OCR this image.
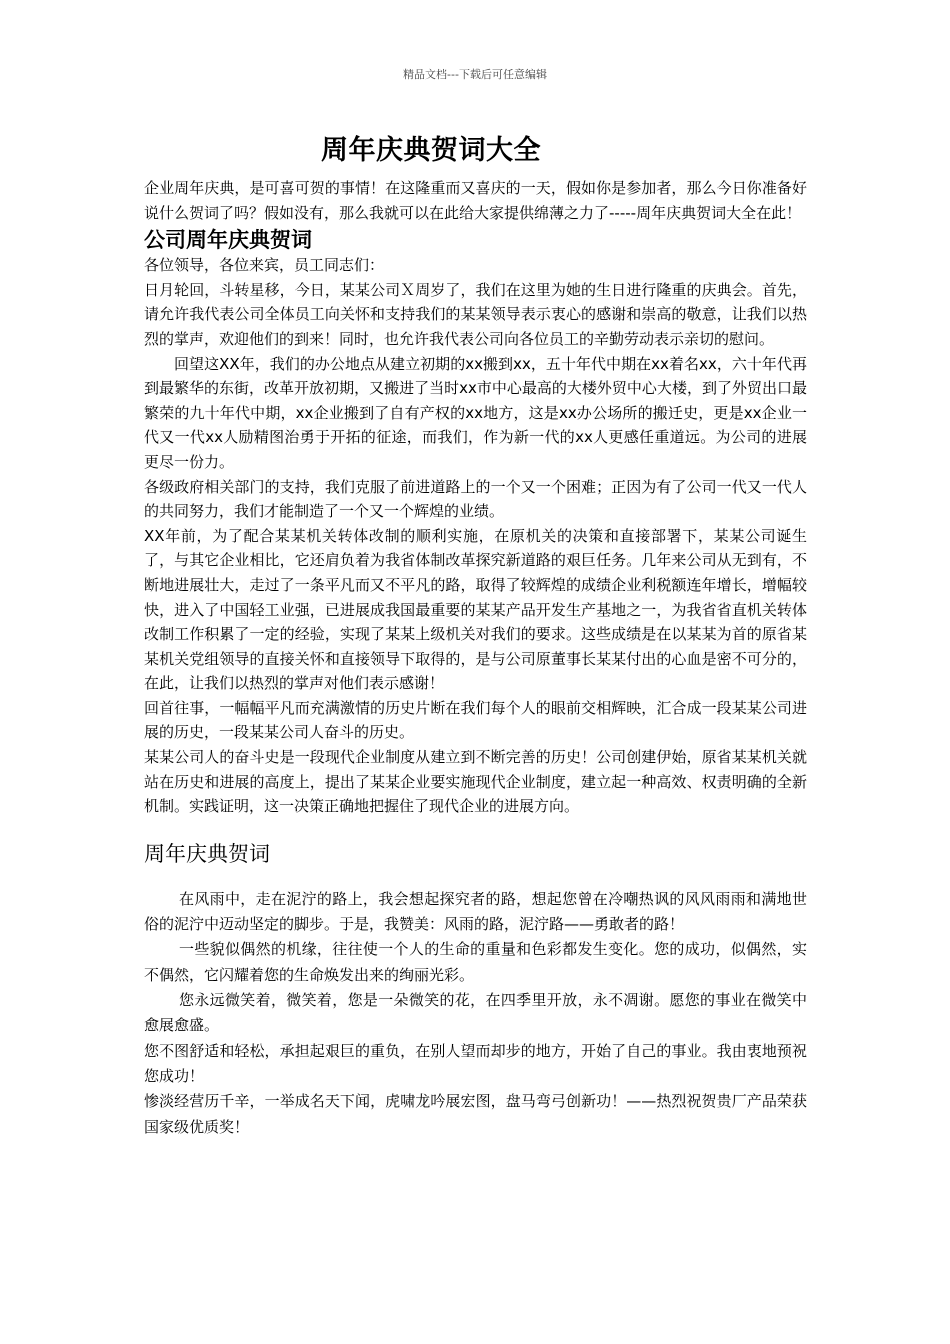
精品文档---下载后可任意编辑
周年庆典贺词大全

企业周年庆典，是可喜可贺的事情！在这隆重而又喜庆的一天，假如你是参加者，那么今日你准备好说什么贺词了吗？假如没有，那么我就可以在此给大家提供绵薄之力了-----周年庆典贺词大全在此！

公司周年庆典贺词

各位领导，各位来宾，员工同志们：

日月轮回，斗转星移，今日，某某公司Ｘ周岁了，我们在这里为她的生日进行隆重的庆典会。首先，请允许我代表公司全体员工向关怀和支持我们的某某领导表示衷心的感谢和崇高的敬意，让我们以热烈的掌声，欢迎他们的到来！同时，也允许我代表公司向各位员工的辛勤劳动表示亲切的慰问。

回望这XX年，我们的办公地点从建立初期的xx搬到xx，五十年代中期在xx着名xx，六十年代再到最繁华的东街，改革开放初期，又搬进了当时xx市中心最高的大楼外贸中心大楼，到了外贸出口最繁荣的九十年代中期，xx企业搬到了自有产权的xx地方，这是xx办公场所的搬迁史，更是xx企业一代又一代xx人励精图治勇于开拓的征途，而我们，作为新一代的xx人更感任重道远。为公司的进展更尽一份力。

各级政府相关部门的支持，我们克服了前进道路上的一个又一个困难；正因为有了公司一代又一代人的共同努力，我们才能制造了一个又一个辉煌的业绩。

XX年前，为了配合某某机关转体改制的顺利实施，在原机关的决策和直接部署下，某某公司诞生了，与其它企业相比，它还肩负着为我省体制改革探究新道路的艰巨任务。几年来公司从无到有，不断地进展壮大，走过了一条平凡而又不平凡的路，取得了较辉煌的成绩企业利税额连年增长，增幅较快，进入了中国轻工业强，已进展成我国最重要的某某产品开发生产基地之一，为我省省直机关转体改制工作积累了一定的经验，实现了某某上级机关对我们的要求。这些成绩是在以某某为首的原省某某机关党组领导的直接关怀和直接领导下取得的，是与公司原董事长某某付出的心血是密不可分的，在此，让我们以热烈的掌声对他们表示感谢！

回首往事，一幅幅平凡而充满激情的历史片断在我们每个人的眼前交相辉映，汇合成一段某某公司进展的历史，一段某某公司人奋斗的历史。

某某公司人的奋斗史是一段现代企业制度从建立到不断完善的历史！公司创建伊始，原省某某机关就站在历史和进展的高度上，提出了某某企业要实施现代企业制度，建立起一种高效、权责明确的全新机制。实践证明，这一决策正确地把握住了现代企业的进展方向。

周年庆典贺词

在风雨中，走在泥泞的路上，我会想起探究者的路，想起您曾在冷嘲热讽的风风雨雨和满地世俗的泥泞中迈动坚定的脚步。于是，我赞美：风雨的路，泥泞路——勇敢者的路！

一些貌似偶然的机缘，往往使一个人的生命的重量和色彩都发生变化。您的成功，似偶然，实不偶然，它闪耀着您的生命焕发出来的绚丽光彩。

您永远微笑着，微笑着，您是一朵微笑的花，在四季里开放，永不凋谢。愿您的事业在微笑中愈展愈盛。

您不图舒适和轻松，承担起艰巨的重负，在别人望而却步的地方，开始了自己的事业。我由衷地预祝您成功！

惨淡经营历千辛，一举成名天下闻，虎啸龙吟展宏图，盘马弯弓创新功！——热烈祝贺贵厂产品荣获国家级优质奖！
